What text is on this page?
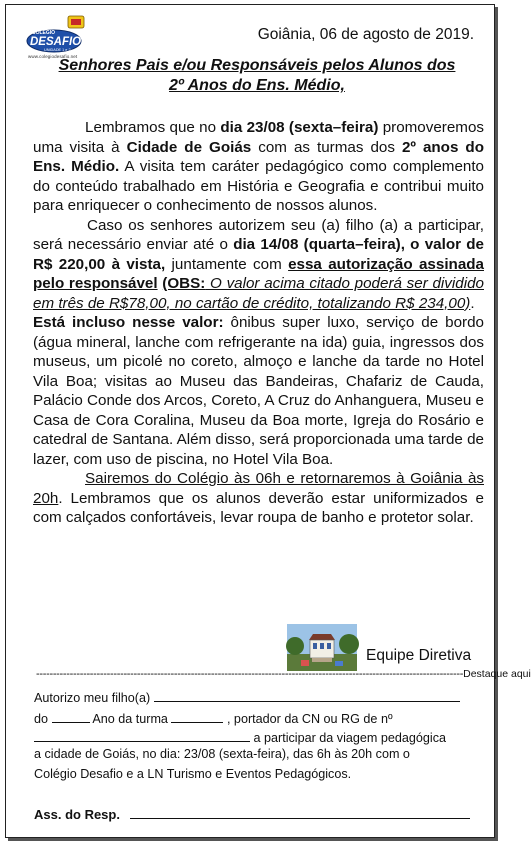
COLÉGIO
DESAFIO
UNIDADE 1 e 2
www.colegiodesafio.net
Goiânia, 06 de agosto de 2019.
Senhores Pais e/ou Responsáveis pelos Alunos dos
2º Anos do Ens. Médio,

Lembramos que no dia 23/08 (sexta–feira) promoveremos uma visita à Cidade de Goiás com as turmas dos 2º anos do Ens. Médio. A visita tem caráter pedagógico como complemento do conteúdo trabalhado em História e Geografia e contribui muito para enriquecer o conhecimento de nossos alunos.

Caso os senhores autorizem seu (a) filho (a) a participar, será necessário enviar até o dia 14/08 (quarta–feira), o valor de R$ 220,00 à vista, juntamente com essa autorização assinada pelo responsável (OBS: O valor acima citado poderá ser dividido em três de R$78,00, no cartão de crédito, totalizando R$ 234,00).

Está incluso nesse valor: ônibus super luxo, serviço de bordo (água mineral, lanche com refrigerante na ida) guia, ingressos dos museus, um picolé no coreto, almoço e lanche da tarde no Hotel Vila Boa; visitas ao Museu das Bandeiras, Chafariz de Cauda, Palácio Conde dos Arcos, Coreto, A Cruz do Anhanguera, Museu e Casa de Cora Coralina, Museu da Boa morte, Igreja do Rosário e catedral de Santana. Além disso, será proporcionada uma tarde de lazer, com uso de piscina, no Hotel Vila Boa.

Sairemos do Colégio às 06h e retornaremos à Goiânia às 20h. Lembramos que os alunos deverão estar uniformizados e com calçados confortáveis, levar roupa de banho e protetor solar.

Equipe Diretiva
------------------------------------------------------------------------------------------------------------------------------- Destaque aqui
Autorizo meu filho(a)
do	Ano da turma	, portador da CN ou RG de nº
a participar da viagem pedagógica
a cidade de Goiás, no dia: 23/08 (sexta-feira), das 6h às 20h com o
Colégio Desafio e a LN Turismo e Eventos Pedagógicos.
Ass. do Resp.
